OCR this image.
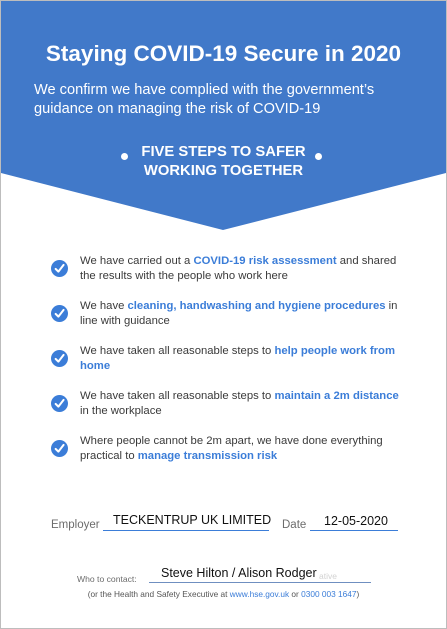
Staying COVID-19 Secure in 2020
We confirm we have complied with the government’s guidance on managing the risk of COVID-19
FIVE STEPS TO SAFER
WORKING TOGETHER
We have carried out a COVID-19 risk assessment and shared the results with the people who work here
We have cleaning, handwashing and hygiene procedures in line with guidance
We have taken all reasonable steps to help people work from home
We have taken all reasonable steps to maintain a 2m distance in the workplace
Where people cannot be 2m apart, we have done everything practical to manage transmission risk
Employer TECKENTRUP UK LIMITED Date 12-05-2020
Who to contact: Steve Hilton / Alison Rodger ative
(or the Health and Safety Executive at www.hse.gov.uk or 0300 003 1647)
